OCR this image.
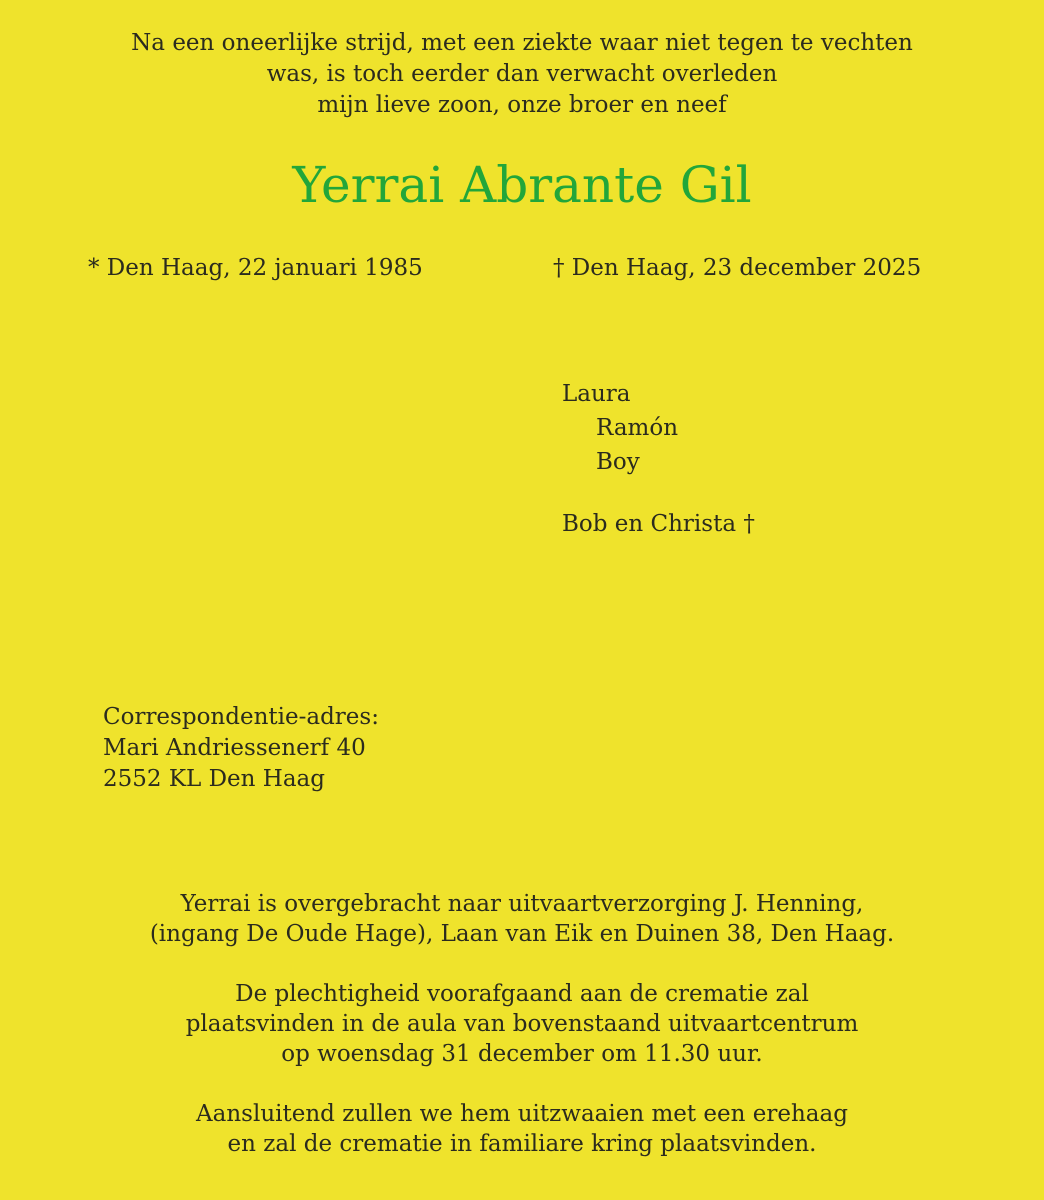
Na een oneerlijke strijd, met een ziekte waar niet tegen te vechten
was, is toch eerder dan verwacht overleden
mijn lieve zoon, onze broer en neef
Yerrai Abrante Gil
* Den Haag, 22 januari 1985	† Den Haag, 23 december 2025
Laura
Ramón
Boy
Bob en Christa †
Correspondentie-adres:
Mari Andriessenerf 40
2552 KL Den Haag
Yerrai is overgebracht naar uitvaartverzorging J. Henning,
(ingang De Oude Hage), Laan van Eik en Duinen 38, Den Haag.
De plechtigheid voorafgaand aan de crematie zal
plaatsvinden in de aula van bovenstaand uitvaartcentrum
op woensdag 31 december om 11.30 uur.
Aansluitend zullen we hem uitzwaaien met een erehaag
en zal de crematie in familiare kring plaatsvinden.
